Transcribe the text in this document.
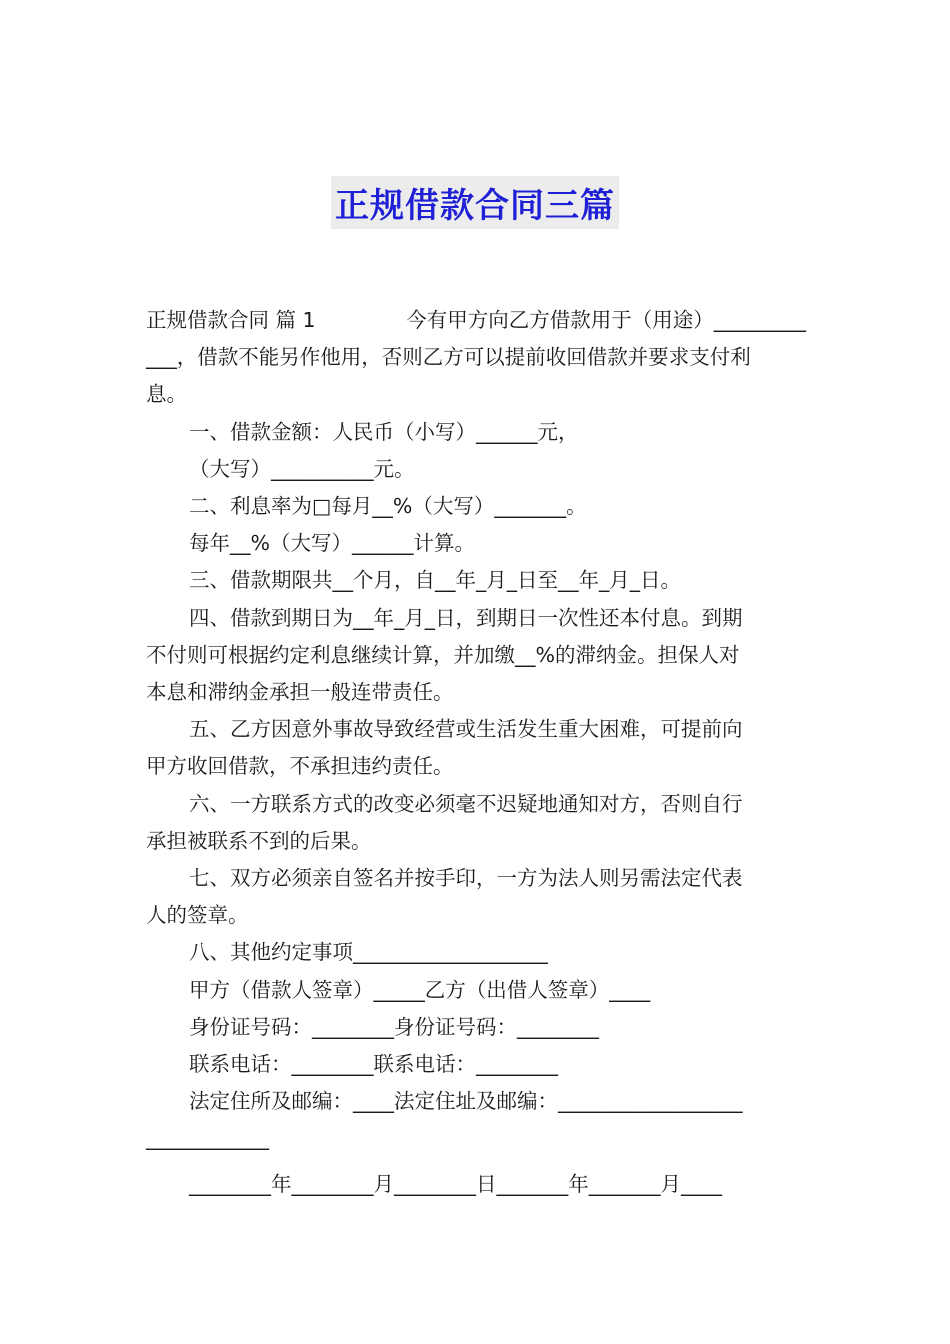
正规借款合同三篇
正规借款合同 篇 1	今有甲方向乙方借款用于（用途）_________
___，借款不能另作他用，否则乙方可以提前收回借款并要求支付利
息。
一、借款金额：人民币（小写）______元，
（大写）__________元。
二、利息率为□每月__%（大写）_______。
每年__%（大写）______计算。
三、借款期限共__个月，自__年_月_日至__年_月_日。
四、借款到期日为__年_月_日，到期日一次性还本付息。到期
不付则可根据约定利息继续计算，并加缴__%的滞纳金。担保人对
本息和滞纳金承担一般连带责任。
五、乙方因意外事故导致经营或生活发生重大困难，可提前向
甲方收回借款，不承担违约责任。
六、一方联系方式的改变必须毫不迟疑地通知对方，否则自行
承担被联系不到的后果。
七、双方必须亲自签名并按手印，一方为法人则另需法定代表
人的签章。
八、其他约定事项___________________
甲方（借款人签章）_____乙方（出借人签章）____
身份证号码：________身份证号码：________
联系电话：________联系电话：________
法定住所及邮编：____法定住址及邮编：__________________
____________
________年________月________日_______年_______月____
